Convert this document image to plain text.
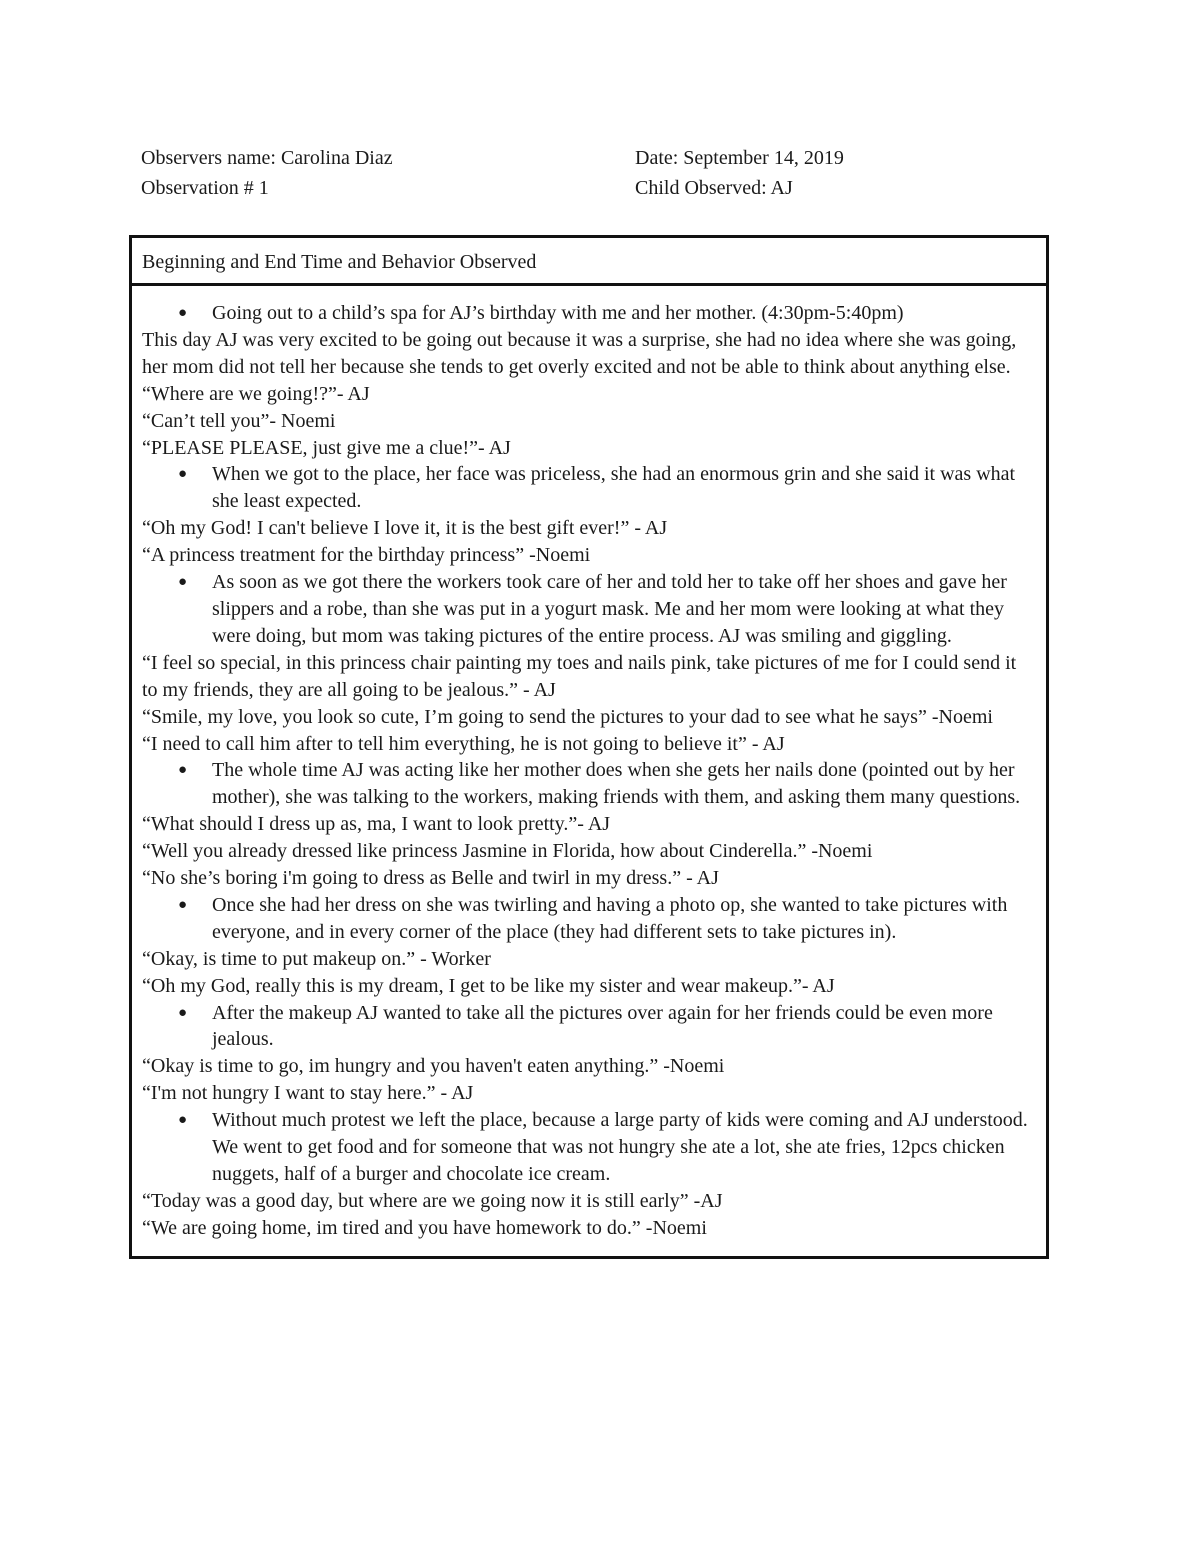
Observers name: Carolina Diaz	Date: September 14, 2019
Observation # 1	Child Observed: AJ
Beginning and End Time and Behavior Observed
● Going out to a child’s spa for AJ’s birthday with me and her mother. (4:30pm-5:40pm)

This day AJ was very excited to be going out because it was a surprise, she had no idea where she was going, her mom did not tell her because she tends to get overly excited and not be able to think about anything else.

“Where are we going!?”- AJ

“Can’t tell you”- Noemi

“PLEASE PLEASE, just give me a clue!”- AJ

● When we got to the place, her face was priceless, she had an enormous grin and she said it was what she least expected.

“Oh my God! I can't believe I love it, it is the best gift ever!” - AJ

“A princess treatment for the birthday princess” -Noemi

● As soon as we got there the workers took care of her and told her to take off her shoes and gave her slippers and a robe, than she was put in a yogurt mask. Me and her mom were looking at what they were doing, but mom was taking pictures of the entire process. AJ was smiling and giggling.

“I feel so special, in this princess chair painting my toes and nails pink, take pictures of me for I could send it to my friends, they are all going to be jealous.” - AJ

“Smile, my love, you look so cute, I’m going to send the pictures to your dad to see what he says” -Noemi

“I need to call him after to tell him everything, he is not going to believe it” - AJ

● The whole time AJ was acting like her mother does when she gets her nails done (pointed out by her mother), she was talking to the workers, making friends with them, and asking them many questions.

“What should I dress up as, ma, I want to look pretty.”- AJ

“Well you already dressed like princess Jasmine in Florida, how about Cinderella.” -Noemi

“No she’s boring i'm going to dress as Belle and twirl in my dress.” - AJ

● Once she had her dress on she was twirling and having a photo op, she wanted to take pictures with everyone, and in every corner of the place (they had different sets to take pictures in).

“Okay, is time to put makeup on.” - Worker

“Oh my God, really this is my dream, I get to be like my sister and wear makeup.”- AJ

● After the makeup AJ wanted to take all the pictures over again for her friends could be even more jealous.

“Okay is time to go, im hungry and you haven't eaten anything.” -Noemi

“I'm not hungry I want to stay here.” - AJ

● Without much protest we left the place, because a large party of kids were coming and AJ understood. We went to get food and for someone that was not hungry she ate a lot, she ate fries, 12pcs chicken nuggets, half of a burger and chocolate ice cream.

“Today was a good day, but where are we going now it is still early” -AJ

“We are going home, im tired and you have homework to do.” -Noemi
